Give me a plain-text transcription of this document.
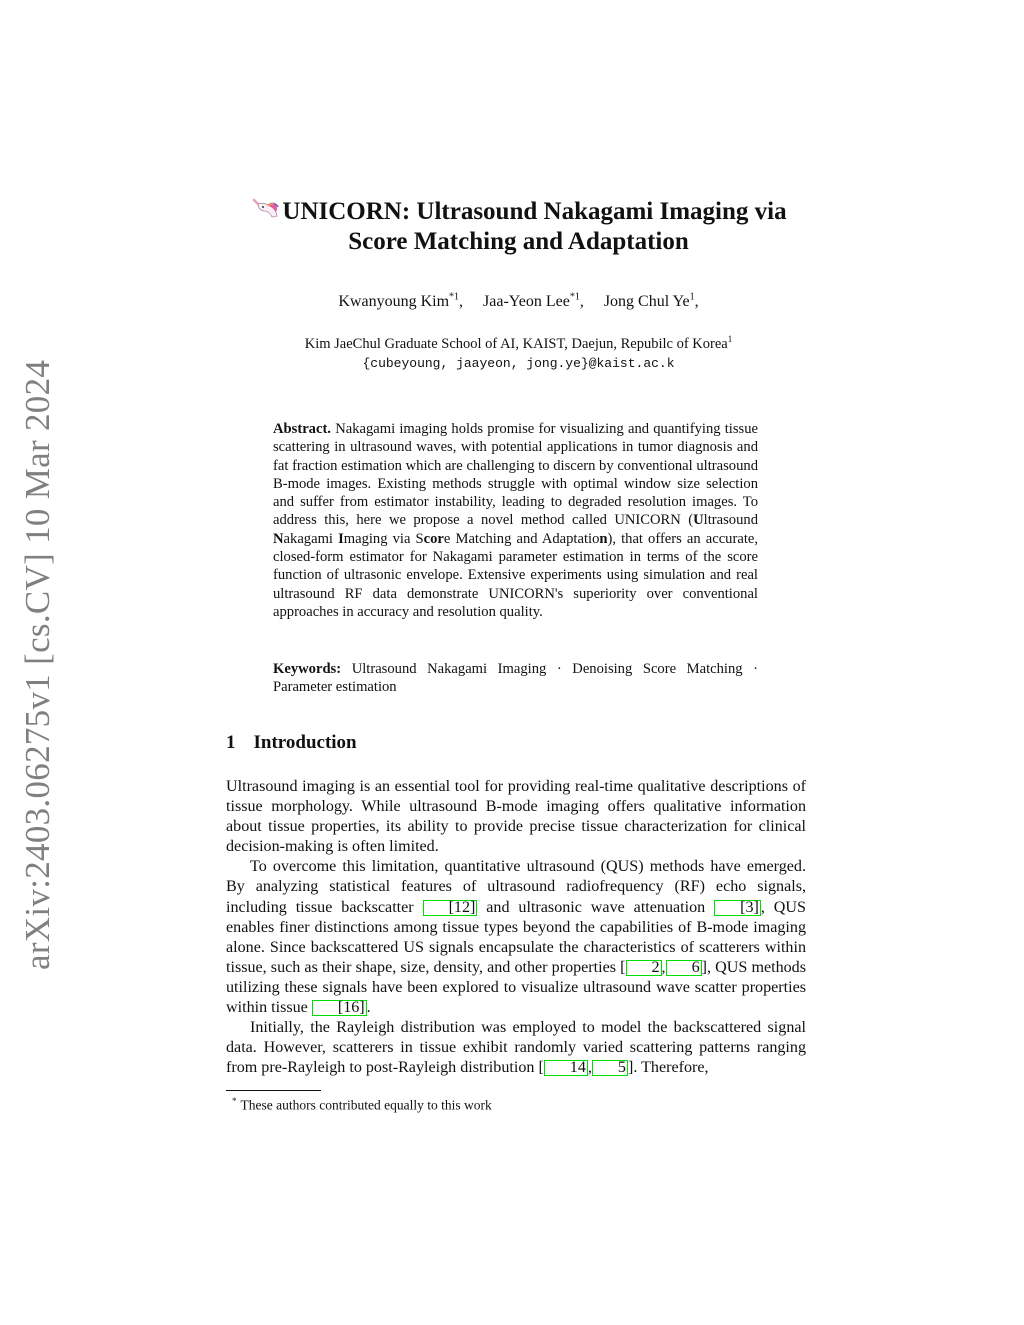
arXiv:2403.06275v1 [cs.CV] 10 Mar 2024
UNICORN: Ultrasound Nakagami Imaging via
Score Matching and Adaptation
Kwanyoung Kim$^{*1}$, Jaa-Yeon Lee$^{*1}$, Jong Chul Ye$^1$,
Kim JaeChul Graduate School of AI, KAIST, Daejun, Repubilc of Korea$^1$
{cubeyoung, jaayeon, jong.ye}@kaist.ac.k
Abstract. Nakagami imaging holds promise for visualizing and quantifying tissue scattering in ultrasound waves, with potential applications in tumor diagnosis and fat fraction estimation which are challenging to discern by conventional ultrasound B-mode images. Existing methods struggle with optimal window size selection and suffer from estimator instability, leading to degraded resolution images. To address this, here we propose a novel method called UNICORN (Ultrasound Nakagami Imaging via Score Matching and Adaptation), that offers an accurate, closed-form estimator for Nakagami parameter estimation in terms of the score function of ultrasonic envelope. Extensive experiments using simulation and real ultrasound RF data demonstrate UNICORN's superiority over conventional approaches in accuracy and resolution quality.
Keywords: Ultrasound Nakagami Imaging · Denoising Score Matching · Parameter estimation
1 Introduction

Ultrasound imaging is an essential tool for providing real-time qualitative descriptions of tissue morphology. While ultrasound B-mode imaging offers qualitative information about tissue properties, its ability to provide precise tissue characterization for clinical decision-making is often limited.

To overcome this limitation, quantitative ultrasound (QUS) methods have emerged. By analyzing statistical features of ultrasound radiofrequency (RF) echo signals, including tissue backscatter [12] and ultrasonic wave attenuation [3] , QUS enables finer distinctions among tissue types beyond the capabilities of B-mode imaging alone. Since backscattered US signals encapsulate the characteristics of scatterers within tissue, such as their shape, size, density, and other properties [ 2 , 6 ], QUS methods utilizing these signals have been explored to visualize ultrasound wave scatter properties within tissue [16] .

Initially, the Rayleigh distribution was employed to model the backscattered signal data. However, scatterers in tissue exhibit randomly varied scattering patterns ranging from pre-Rayleigh to post-Rayleigh distribution [ 14 , 5 ]. Therefore,

* These authors contributed equally to this work
